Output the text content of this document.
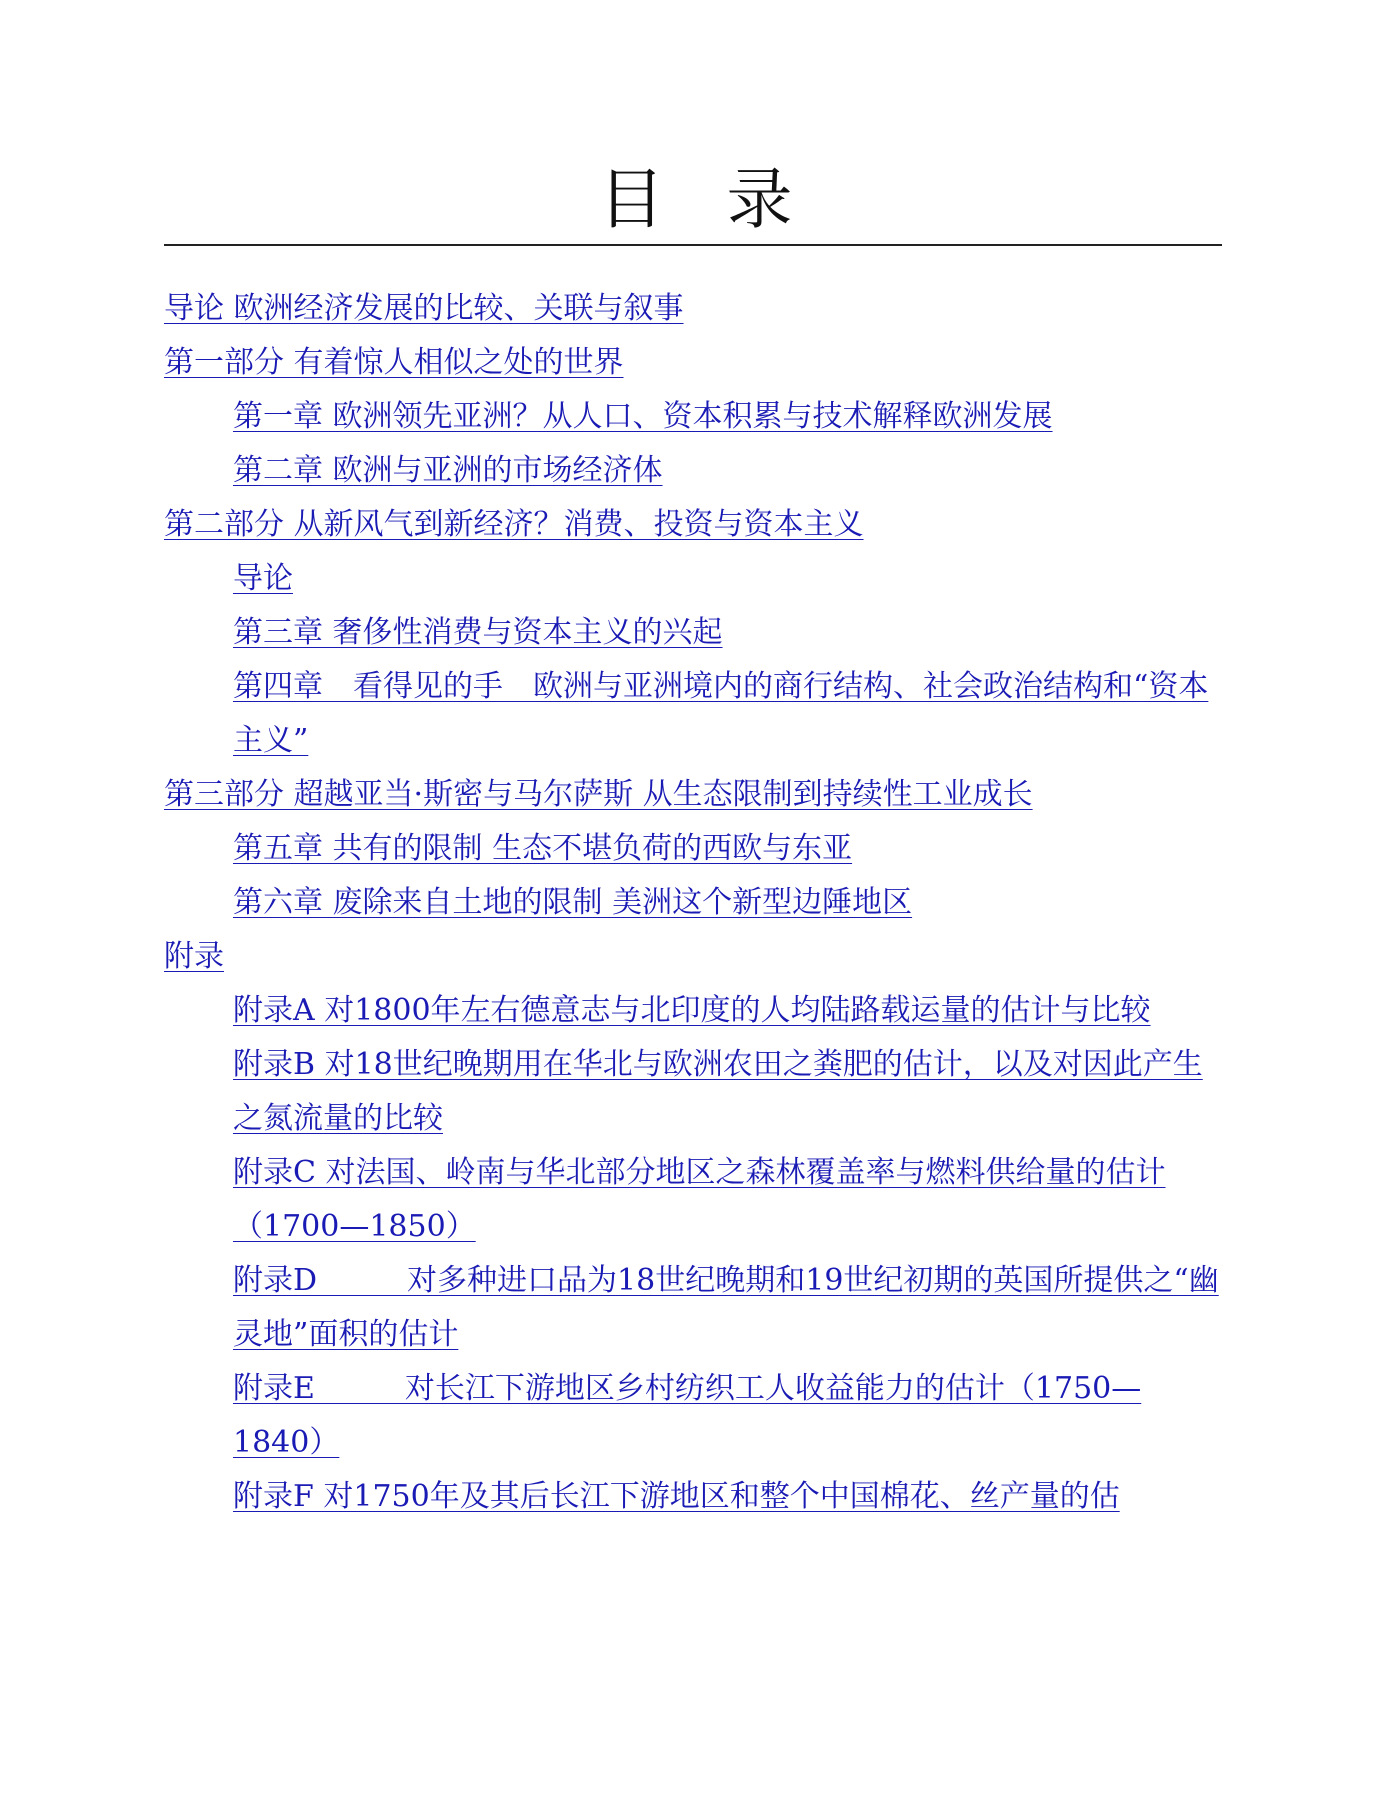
目录
导论 欧洲经济发展的比较、关联与叙事
第一部分 有着惊人相似之处的世界
第一章 欧洲领先亚洲？从人口、资本积累与技术解释欧洲发展
第二章 欧洲与亚洲的市场经济体
第二部分 从新风气到新经济？消费、投资与资本主义
导论
第三章 奢侈性消费与资本主义的兴起
第四章　看得见的手　欧洲与亚洲境内的商行结构、社会政治结构和“资本主义”
第三部分 超越亚当·斯密与马尔萨斯 从生态限制到持续性工业成长
第五章 共有的限制 生态不堪负荷的西欧与东亚
第六章 废除来自土地的限制 美洲这个新型边陲地区
附录
附录A 对1800年左右德意志与北印度的人均陆路载运量的估计与比较
附录B 对18世纪晚期用在华北与欧洲农田之粪肥的估计，以及对因此产生之氮流量的比较
附录C 对法国、岭南与华北部分地区之森林覆盖率与燃料供给量的估计（1700—1850）
附录D　　　对多种进口品为18世纪晚期和19世纪初期的英国所提供之“幽灵地”面积的估计
附录E　　　对长江下游地区乡村纺织工人收益能力的估计（1750—1840）
附录F 对1750年及其后长江下游地区和整个中国棉花、丝产量的估
